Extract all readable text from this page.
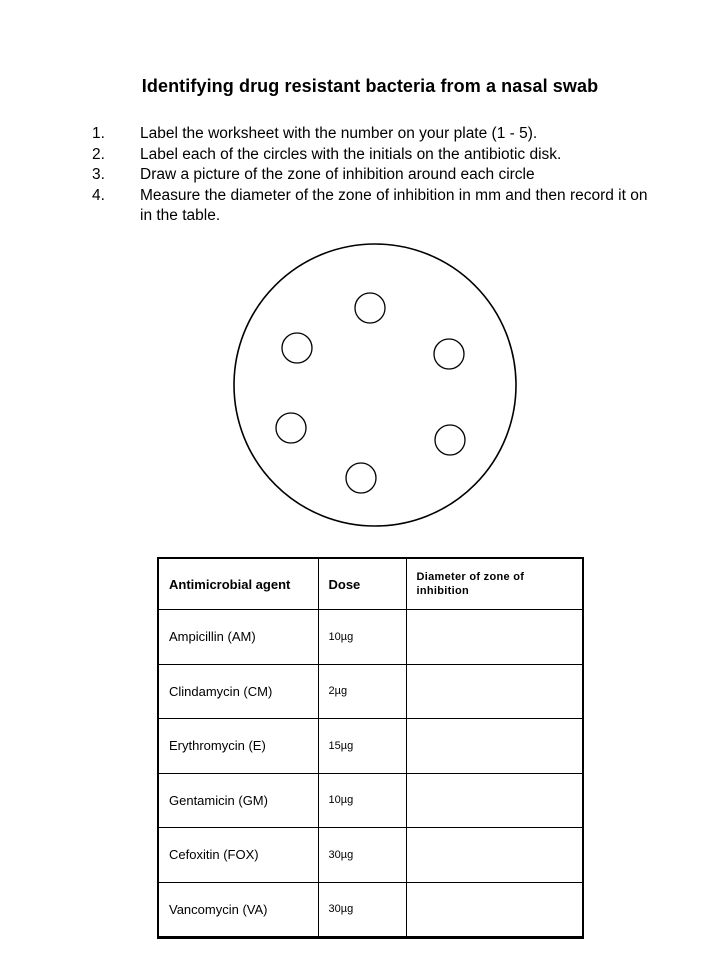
Identifying drug resistant bacteria from a nasal swab
1. Label the worksheet with the number on your plate (1 - 5).
2. Label each of the circles with the initials on the antibiotic disk.
3. Draw a picture of the zone of inhibition around each circle
4. Measure the diameter of the zone of inhibition in mm and then record it on in the table.
Antimicrobial agent	Dose	Diameter of zone of inhibition
Ampicillin (AM)	10µg	
Clindamycin (CM)	2µg	
Erythromycin (E)	15µg	
Gentamicin (GM)	10µg	
Cefoxitin (FOX)	30µg	
Vancomycin (VA)	30µg	
